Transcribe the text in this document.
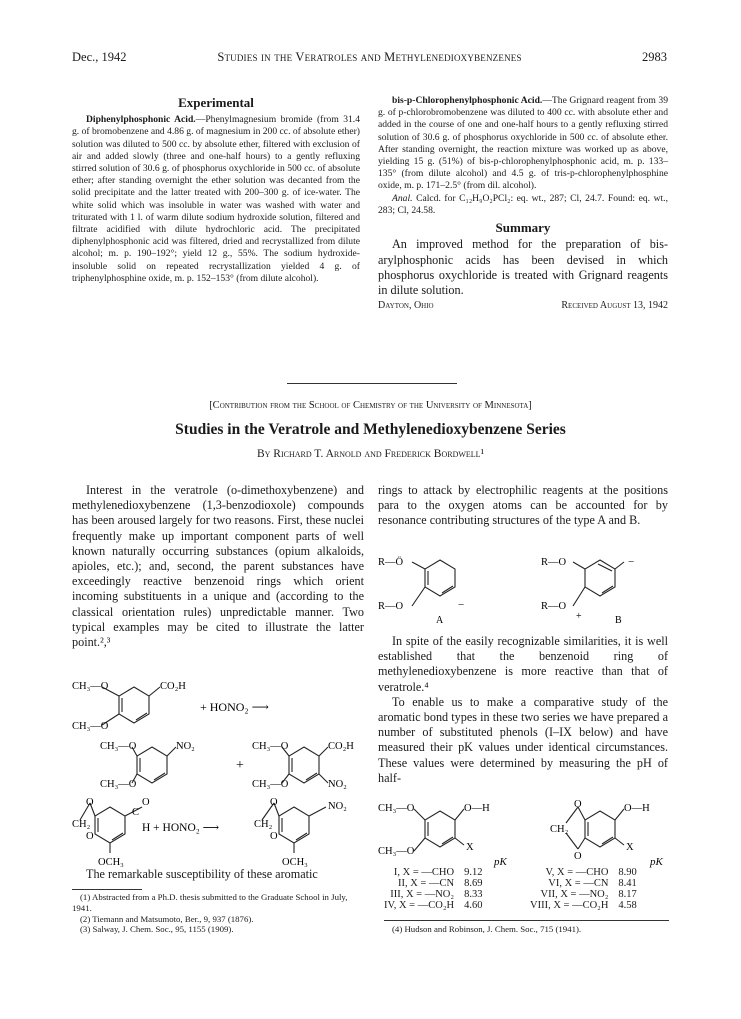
Dec., 1942	Studies in the Veratroles and Methylenedioxybenzenes	2983
Experimental

Diphenylphosphonic Acid.—Phenylmagnesium bromide (from 31.4 g. of bromobenzene and 4.86 g. of magnesium in 200 cc. of absolute ether) solution was diluted to 500 cc. by absolute ether, filtered with exclusion of air and added slowly (three and one-half hours) to a gently refluxing stirred solution of 30.6 g. of phosphorus oxychloride in 500 cc. of absolute ether; after standing overnight the ether solution was decanted from the solid precipitate and the latter treated with 200–300 g. of ice-water. The white solid which was insoluble in water was washed with water and triturated with 1 l. of warm dilute sodium hydroxide solution, filtered and filtrate acidified with dilute hydrochloric acid. The precipitated diphenylphosphonic acid was filtered, dried and recrystallized from dilute alcohol; m. p. 190–192°; yield 12 g., 55%. The sodium hydroxide-insoluble solid on repeated recrystallization yielded 4 g. of triphenylphosphine oxide, m. p. 152–153° (from dilute alcohol).

bis-p-Chlorophenylphosphonic Acid.—The Grignard reagent from 39 g. of p-chlorobromobenzene was diluted to 400 cc. with absolute ether and added in the course of one and one-half hours to a gently refluxing stirred solution of 30.6 g. of phosphorus oxychloride in 500 cc. of absolute ether. After standing overnight, the reaction mixture was worked up as above, yielding 15 g. (51%) of bis-p-chlorophenylphosphonic acid, m. p. 133–135° (from dilute alcohol) and 4.5 g. of tris-p-chlorophenylphosphine oxide, m. p. 171–2.5° (from dil. alcohol).

Anal. Calcd. for C₁₂H₉O₂PCl₂: eq. wt., 287; Cl, 24.7. Found: eq. wt., 283; Cl, 24.58.

Summary

An improved method for the preparation of bis-arylphosphonic acids has been devised in which phosphorus oxychloride is treated with Grignard reagents in dilute solution.

Dayton, Ohio	Received August 13, 1942
[Contribution from the School of Chemistry of the University of Minnesota]
Studies in the Veratrole and Methylenedioxybenzene Series
By Richard T. Arnold and Frederick Bordwell¹

Interest in the veratrole (o-dimethoxybenzene) and methylenedioxybenzene (1,3-benzodioxole) compounds has been aroused largely for two reasons. First, these nuclei frequently make up important component parts of well known naturally occurring substances (opium alkaloids, apioles, etc.); and, second, the parent substances have exceedingly reactive benzenoid rings which orient incoming substituents in a unique and (according to the classical orientation rules) unpredictable manner. Two typical examples may be cited to illustrate the latter point.²,³

CH₃—O	CO₂H
+ HONO₂ ⟶
CH₃—O
CH₃—O	NO₂	CH₃—O	CO₂H
+
CH₃—O	CH₃—O	NO₂
O	O
C
O	NO₂
CH₂	H + HONO₂ ⟶	CH₂
O	O
OCH₃	OCH₃

The remarkable susceptibility of these aromatic

(1) Abstracted from a Ph.D. thesis submitted to the Graduate School in July, 1941.
(2) Tiemann and Matsumoto, Ber., 9, 937 (1876).
(3) Salway, J. Chem. Soc., 95, 1155 (1909).

rings to attack by electrophilic reagents at the positions para to the oxygen atoms can be accounted for by resonance contributing structures of the type A and B.

R—Ö
R—O	−
A
R—O	−
R—O
+	B

In spite of the easily recognizable similarities, it is well established that the benzenoid ring of methylenedioxybenzene is more reactive than that of veratrole.⁴

To enable us to make a comparative study of the aromatic bond types in these two series we have prepared a number of substituted phenols (I–IX below) and have measured their pK values under identical circumstances. These values were determined by measuring the pH of half-

CH₃—O	O—H
CH₃—O	X
pK
O	O—H
CH₂
O
X
pK
I, X = —CHO	9.12
II, X = —CN	8.69
III, X = —NO₂	8.33
IV, X = —CO₂H	4.60
V, X = —CHO	8.90
VI, X = —CN	8.41
VII, X = —NO₂	8.17
VIII, X = —CO₂H	4.58
(4) Hudson and Robinson, J. Chem. Soc., 715 (1941).
